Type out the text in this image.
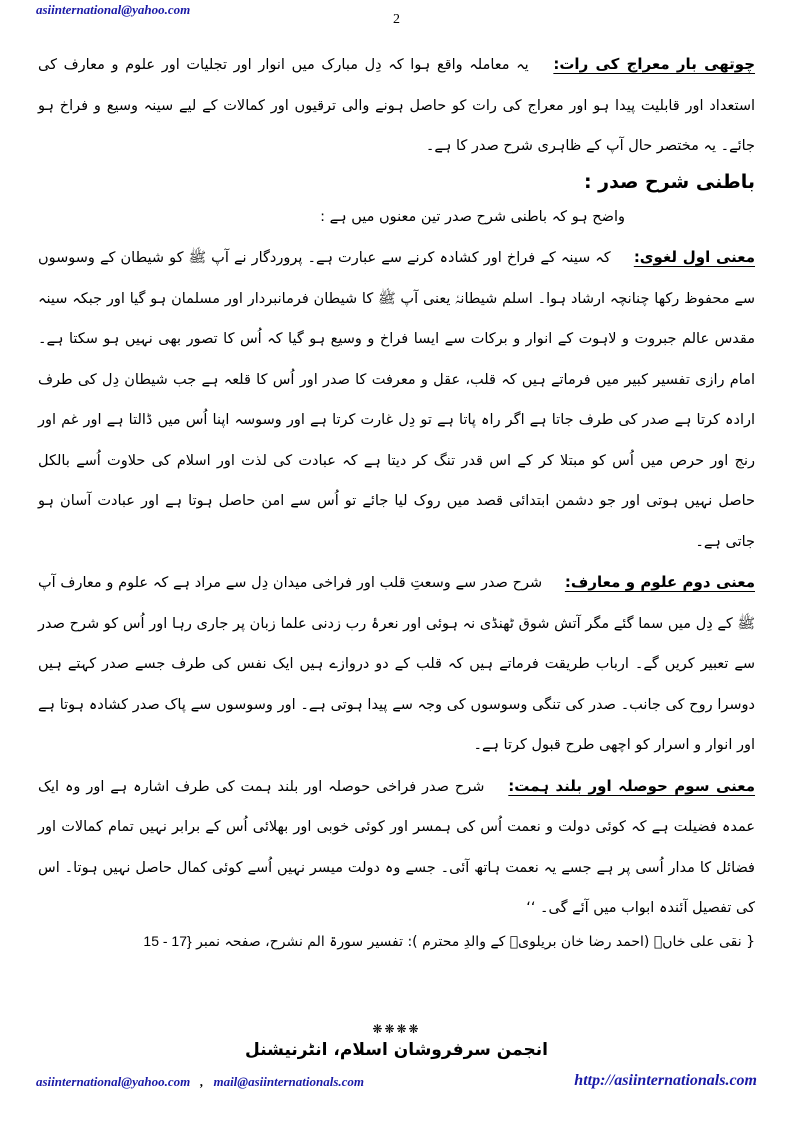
asiinternational@yahoo.com
2

چوتھی بار معراج کی رات: یہ معاملہ واقع ہوا کہ دِل مبارک میں انوار اور تجلیات اور علوم و معارف کی استعداد اور قابلیت پیدا ہو اور معراج کی رات کو حاصل ہونے والی ترقیوں اور کمالات کے لیے سینہ وسیع و فراخ ہو جائے۔ یہ مختصر حال آپ کے ظاہری شرح صدر کا ہے۔

باطنی شرح صدر :

واضح ہو کہ باطنی شرح صدر تین معنوں میں ہے :

معنی اول لغوی: کہ سینہ کے فراخ اور کشادہ کرنے سے عبارت ہے۔ پروردگار نے آپ ﷺ کو شیطان کے وسوسوں سے محفوظ رکھا چنانچہ ارشاد ہوا۔ اسلم شیطانہٗ یعنی آپ ﷺ کا شیطان فرمانبردار اور مسلمان ہو گیا اور جبکہ سینہ مقدس عالم جبروت و لاہوت کے انوار و برکات سے ایسا فراخ و وسیع ہو گیا کہ اُس کا تصور بھی نہیں ہو سکتا ہے۔ امام رازی تفسیر کبیر میں فرماتے ہیں کہ قلب، عقل و معرفت کا صدر اور اُس کا قلعہ ہے جب شیطان دِل کی طرف ارادہ کرتا ہے صدر کی طرف جاتا ہے اگر راہ پاتا ہے تو دِل غارت کرتا ہے اور وسوسہ اپنا اُس میں ڈالتا ہے اور غم اور رنج اور حرص میں اُس کو مبتلا کر کے اس قدر تنگ کر دیتا ہے کہ عبادت کی لذت اور اسلام کی حلاوت اُسے بالکل حاصل نہیں ہوتی اور جو دشمن ابتدائی قصد میں روک لیا جائے تو اُس سے امن حاصل ہوتا ہے اور عبادت آسان ہو جاتی ہے۔

معنی دوم علوم و معارف: شرح صدر سے وسعتِ قلب اور فراخی میدان دِل سے مراد ہے کہ علوم و معارف آپ ﷺ کے دِل میں سما گئے مگر آتش شوق ٹھنڈی نہ ہوئی اور نعرۂ رب زدنی علما زبان پر جاری رہا اور اُس کو شرح صدر سے تعبیر کریں گے۔ ارباب طریقت فرماتے ہیں کہ قلب کے دو دروازے ہیں ایک نفس کی طرف جسے صدر کہتے ہیں دوسرا روح کی جانب۔ صدر کی تنگی وسوسوں کی وجہ سے پیدا ہوتی ہے۔ اور وسوسوں سے پاک صدر کشادہ ہوتا ہے اور انوار و اسرار کو اچھی طرح قبول کرتا ہے۔

معنی سوم حوصلہ اور بلند ہمت: شرح صدر فراخی حوصلہ اور بلند ہمت کی طرف اشارہ ہے اور وہ ایک عمدہ فضیلت ہے کہ کوئی دولت و نعمت اُس کی ہمسر اور کوئی خوبی اور بھلائی اُس کے برابر نہیں تمام کمالات اور فضائل کا مدار اُسی پر ہے جسے یہ نعمت ہاتھ آئی۔ جسے وہ دولت میسر نہیں اُسے کوئی کمال حاصل نہیں ہوتا۔ اس کی تفصیل آئندہ ابواب میں آئے گی۔ ‘‘

{ نقی علی خاںؒ (احمد رضا خان بریلویؒ کے والدِ محترم ): تفسیر سورۃ الم نشرح، صفحہ نمبر 15 - 17}

❋❋❋❋
انجمن سرفروشان اسلام، انٹرنیشنل
asiinternational@yahoo.com , mail@asiinternationals.com	http://asiinternationals.com
